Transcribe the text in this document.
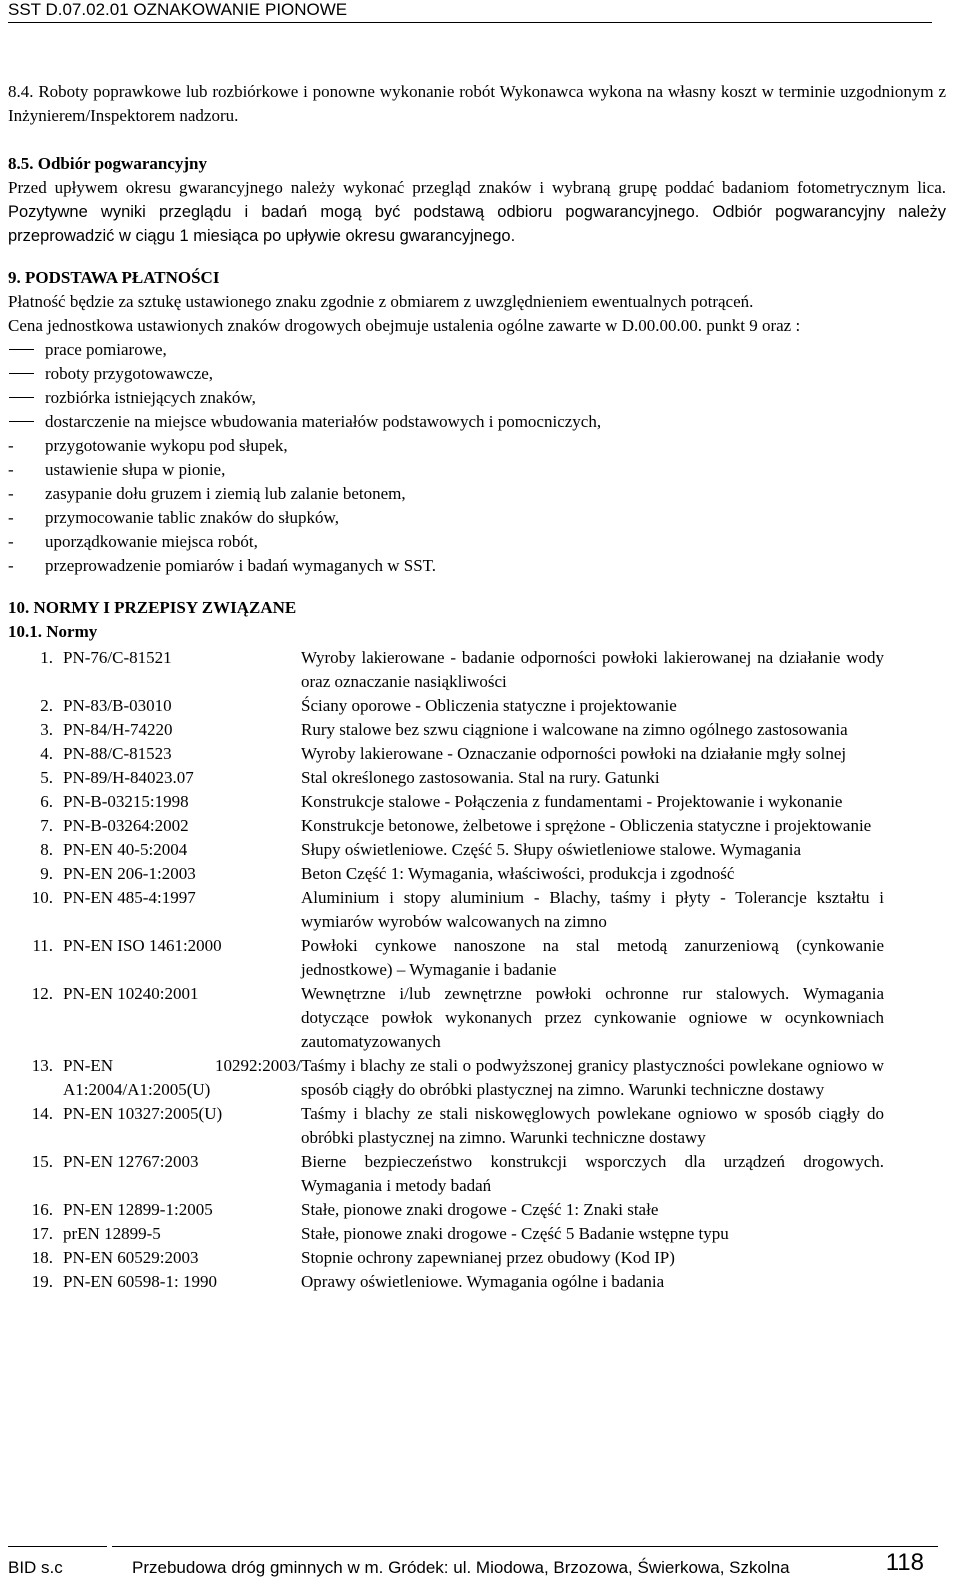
SST D.07.02.01 OZNAKOWANIE PIONOWE

8.4. Roboty poprawkowe lub rozbiórkowe i ponowne wykonanie robót Wykonawca wykona na własny koszt w terminie uzgodnionym z Inżynierem/Inspektorem nadzoru.

8.5. Odbiór pogwarancyjny

Przed upływem okresu gwarancyjnego należy wykonać przegląd znaków i wybraną grupę poddać badaniom fotometrycznym lica. Pozytywne wyniki przeglądu i badań mogą być podstawą odbioru pogwarancyjnego. Odbiór pogwarancyjny należy przeprowadzić w ciągu 1 miesiąca po upływie okresu gwarancyjnego.

9. PODSTAWA PŁATNOŚCI

Płatność będzie za sztukę ustawionego znaku zgodnie z obmiarem z uwzględnieniem ewentualnych potrąceń.

Cena jednostkowa ustawionych znaków drogowych obejmuje ustalenia ogólne zawarte w D.00.00.00. punkt 9 oraz :

prace pomiarowe,
roboty przygotowawcze,
rozbiórka istniejących znaków,
dostarczenie na miejsce wbudowania materiałów podstawowych i pomocniczych,
-	przygotowanie wykopu pod słupek,
-	ustawienie słupa w pionie,
-	zasypanie dołu gruzem i ziemią lub zalanie betonem,
-	przymocowanie tablic znaków do słupków,
-	uporządkowanie miejsca robót,
-	przeprowadzenie pomiarów i badań wymaganych w SST.

10. NORMY I PRZEPISY ZWIĄZANE

10.1. Normy

1. PN-76/C-81521	Wyroby lakierowane - badanie odporności powłoki lakierowanej na działanie wody oraz oznaczanie nasiąkliwości
2. PN-83/B-03010	Ściany oporowe - Obliczenia statyczne i projektowanie
3. PN-84/H-74220	Rury stalowe bez szwu ciągnione i walcowane na zimno ogólnego zastosowania
4. PN-88/C-81523	Wyroby lakierowane - Oznaczanie odporności powłoki na działanie mgły solnej
5. PN-89/H-84023.07	Stal określonego zastosowania. Stal na rury. Gatunki
6. PN-B-03215:1998	Konstrukcje stalowe - Połączenia z fundamentami - Projektowanie i wykonanie
7. PN-B-03264:2002	Konstrukcje betonowe, żelbetowe i sprężone - Obliczenia statyczne i projektowanie
8. PN-EN 40-5:2004	Słupy oświetleniowe. Część 5. Słupy oświetleniowe stalowe. Wymagania
9. PN-EN 206-1:2003	Beton Część 1: Wymagania, właściwości, produkcja i zgodność
10. PN-EN 485-4:1997	Aluminium i stopy aluminium - Blachy, taśmy i płyty - Tolerancje kształtu i wymiarów wyrobów walcowanych na zimno
11. PN-EN ISO 1461:2000	Powłoki cynkowe nanoszone na stal metodą zanurzeniową (cynkowanie jednostkowe) – Wymaganie i badanie
12. PN-EN 10240:2001	Wewnętrzne i/lub zewnętrzne powłoki ochronne rur stalowych. Wymagania dotyczące powłok wykonanych przez cynkowanie ogniowe w ocynkowniach zautomatyzowanych
13. PN-EN 10292:2003/ A1:2004/A1:2005(U)
Taśmy i blachy ze stali o podwyższonej granicy plastyczności powlekane ogniowo w sposób ciągły do obróbki plastycznej na zimno. Warunki techniczne dostawy
14. PN-EN 10327:2005(U)	Taśmy i blachy ze stali niskowęglowych powlekane ogniowo w sposób ciągły do obróbki plastycznej na zimno. Warunki techniczne dostawy
15. PN-EN 12767:2003	Bierne bezpieczeństwo konstrukcji wsporczych dla urządzeń drogowych. Wymagania i metody badań
16. PN-EN 12899-1:2005	Stałe, pionowe znaki drogowe - Część 1: Znaki stałe
17. prEN 12899-5	Stałe, pionowe znaki drogowe - Część 5 Badanie wstępne typu
18. PN-EN 60529:2003	Stopnie ochrony zapewnianej przez obudowy (Kod IP)
19. PN-EN 60598-1: 1990	Oprawy oświetleniowe. Wymagania ogólne i badania
BID s.c	Przebudowa dróg gminnych w m. Gródek: ul. Miodowa, Brzozowa, Świerkowa, Szkolna	118
